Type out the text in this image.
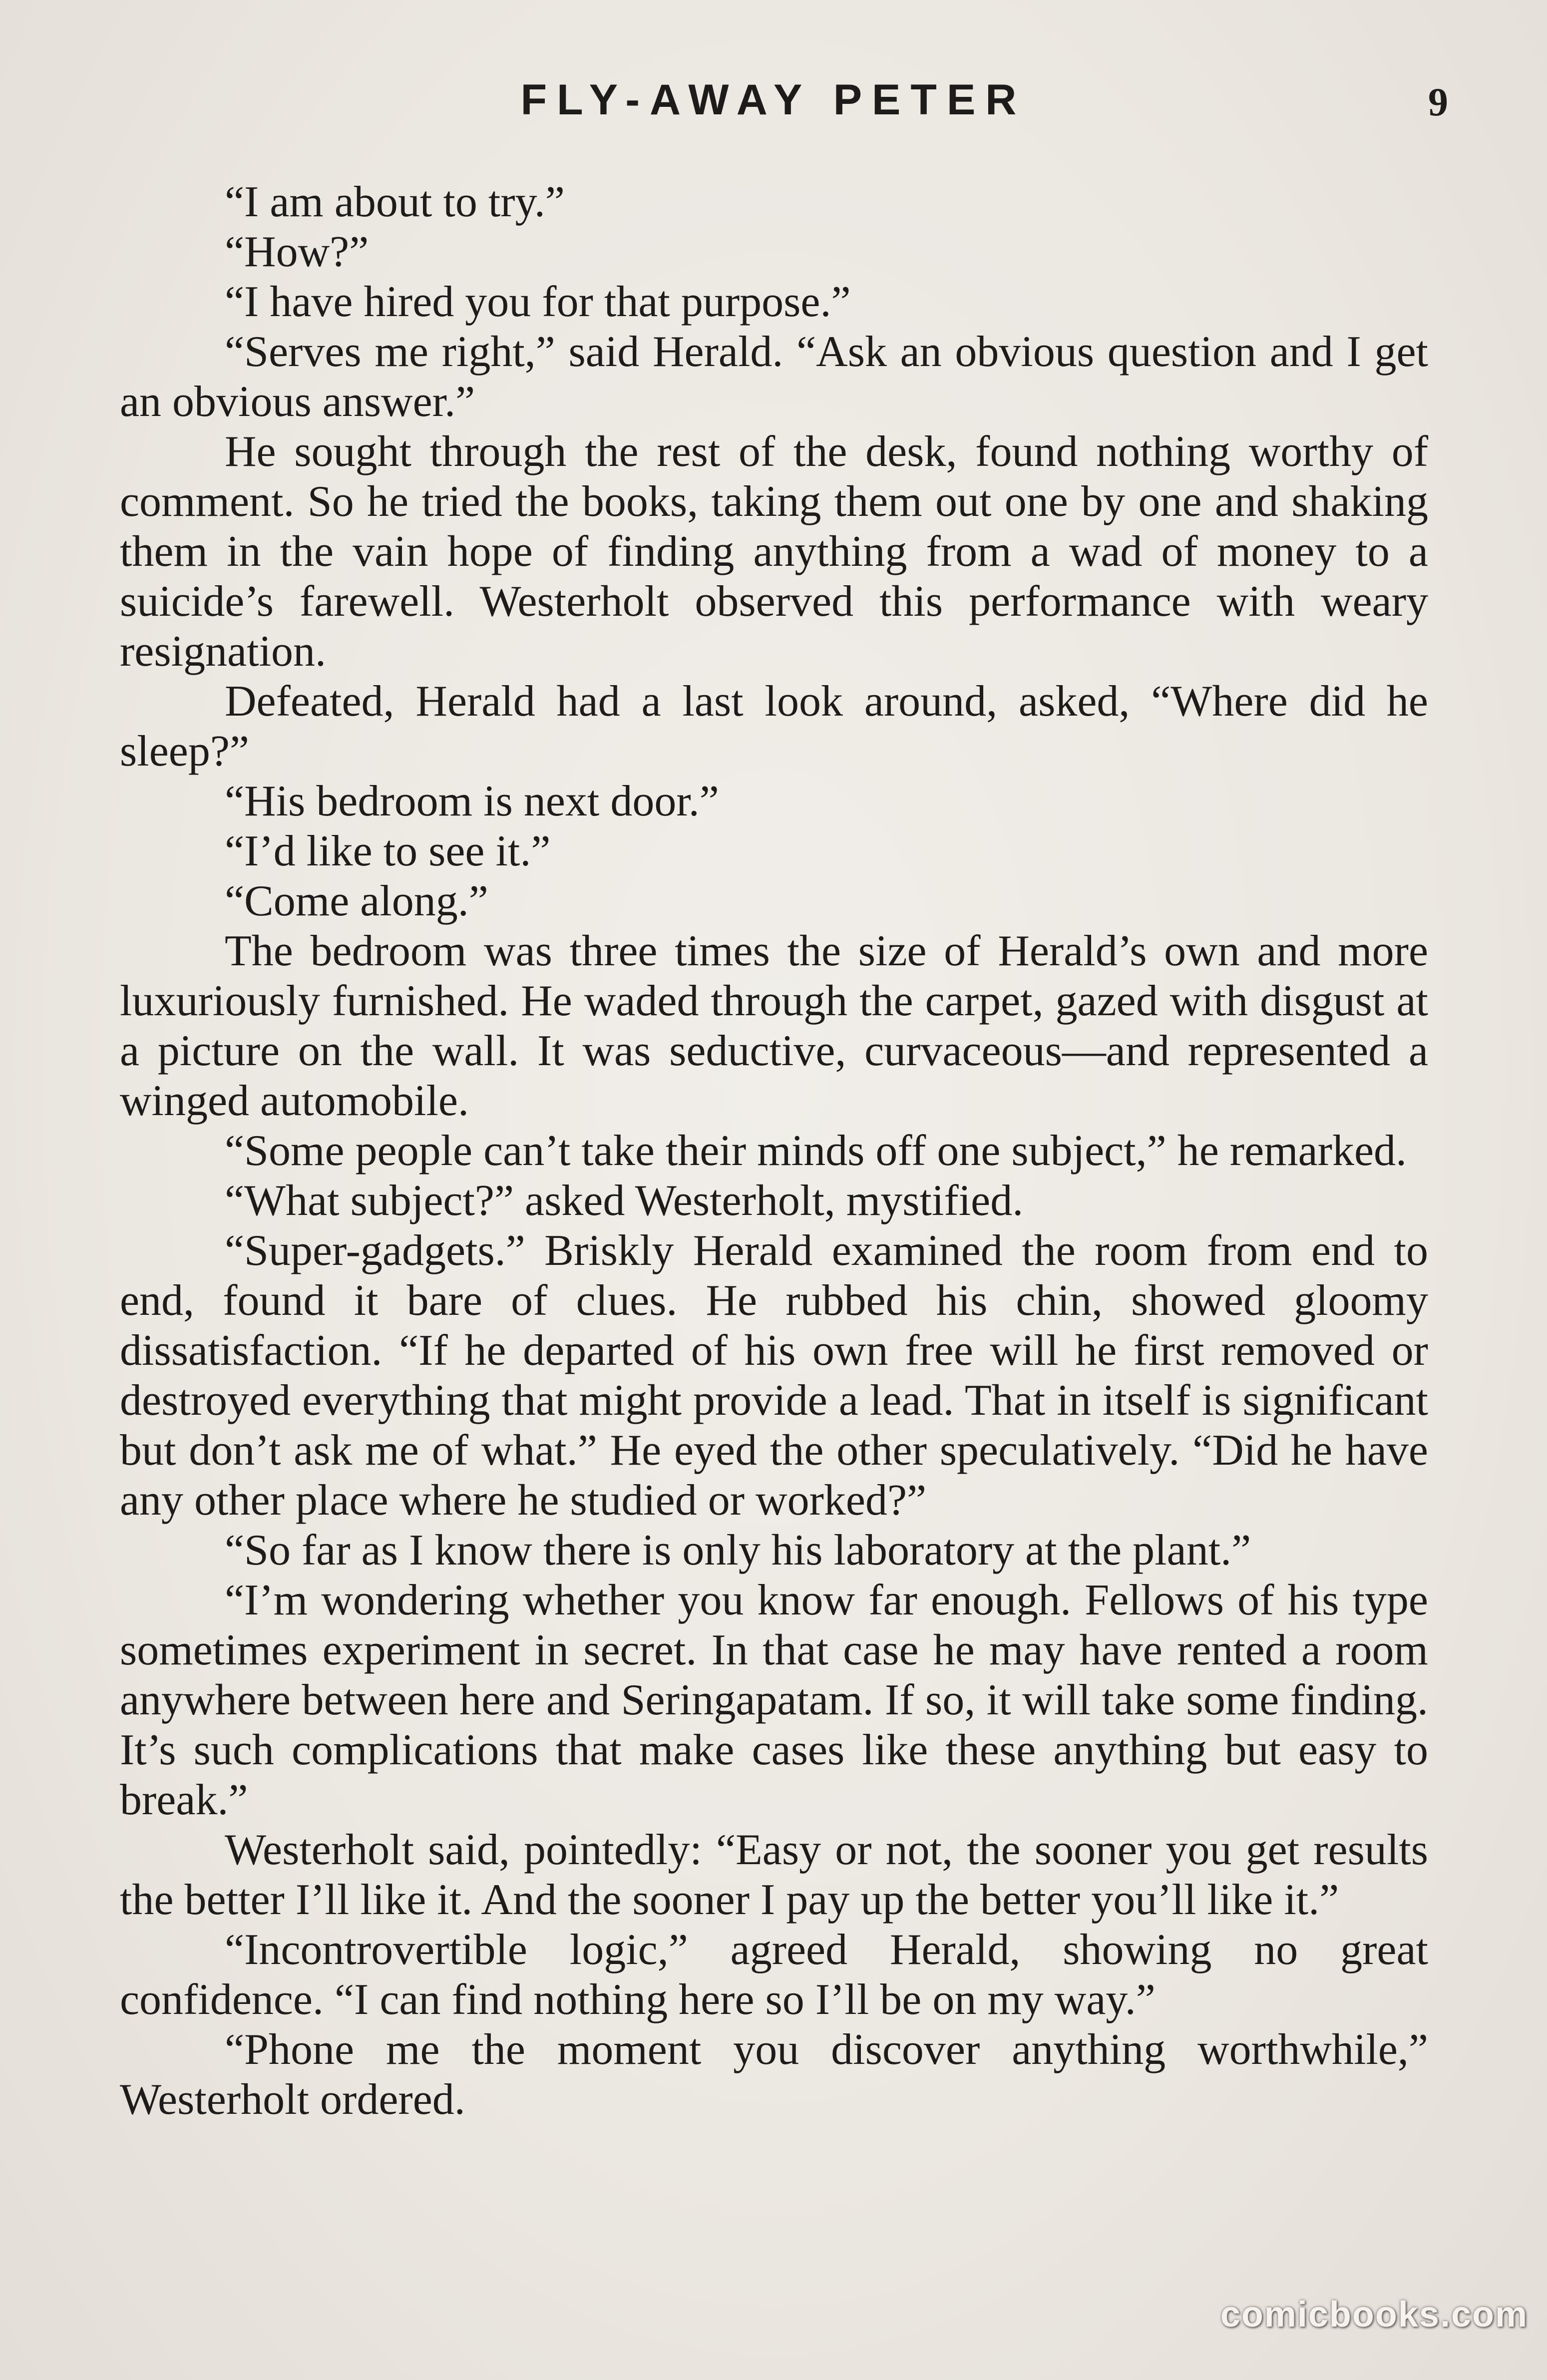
FLY-AWAY PETER	9

“I am about to try.”

“How?”

“I have hired you for that purpose.”

“Serves me right,” said Herald. “Ask an obvious question and I get an obvious answer.”

He sought through the rest of the desk, found nothing worthy of comment. So he tried the books, taking them out one by one and shaking them in the vain hope of finding anything from a wad of money to a suicide’s farewell. Westerholt observed this performance with weary resignation.

Defeated, Herald had a last look around, asked, “Where did he sleep?”

“His bedroom is next door.”

“I’d like to see it.”

“Come along.”

The bedroom was three times the size of Herald’s own and more luxuriously furnished. He waded through the carpet, gazed with disgust at a picture on the wall. It was seductive, curvaceous—and represented a winged automobile.

“Some people can’t take their minds off one subject,” he remarked.

“What subject?” asked Westerholt, mystified.

“Super-gadgets.” Briskly Herald examined the room from end to end, found it bare of clues. He rubbed his chin, showed gloomy dissatisfaction. “If he departed of his own free will he first removed or destroyed everything that might provide a lead. That in itself is significant but don’t ask me of what.” He eyed the other speculatively. “Did he have any other place where he studied or worked?”

“So far as I know there is only his laboratory at the plant.”

“I’m wondering whether you know far enough. Fellows of his type sometimes experiment in secret. In that case he may have rented a room anywhere between here and Seringapatam. If so, it will take some finding. It’s such complications that make cases like these anything but easy to break.”

Westerholt said, pointedly: “Easy or not, the sooner you get results the better I’ll like it. And the sooner I pay up the better you’ll like it.”

“Incontrovertible logic,” agreed Herald, showing no great confidence. “I can find nothing here so I’ll be on my way.”

“Phone me the moment you discover anything worthwhile,” Westerholt ordered.

comicbooks.com
